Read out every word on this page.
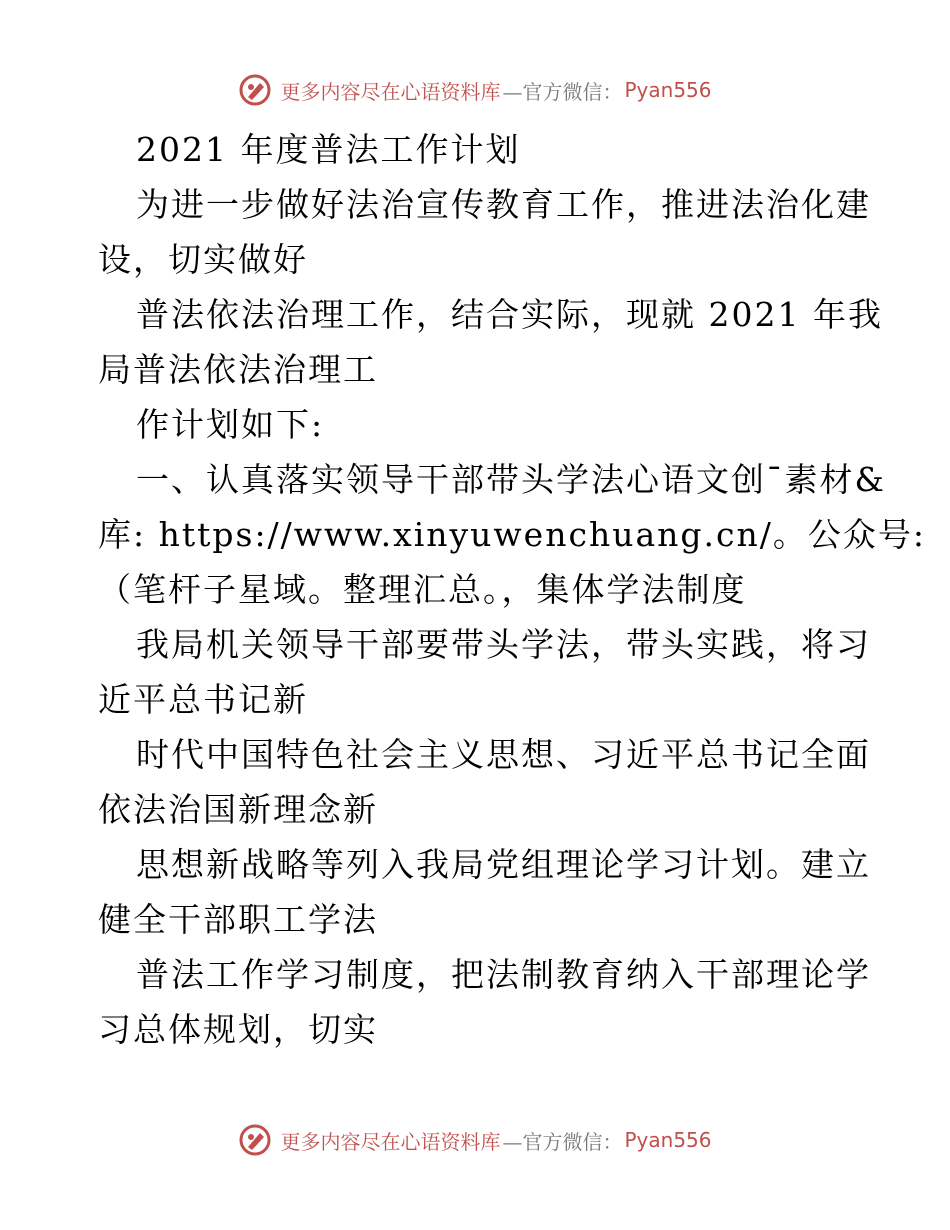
更多内容尽在心语资料库 —官方微信： Pyan556
2021 年度普法工作计划
为进一步做好法治宣传教育工作，推进法治化建
设，切实做好
普法依法治理工作，结合实际，现就 2021 年我
局普法依法治理工
作计划如下:
一、认真落实领导干部带头学法心语文创¯素材&
库: https://www.xinyuwenchuang.cn/。公众号:
（笔杆子星域。整理汇总。，集体学法制度
我局机关领导干部要带头学法，带头实践，将习
近平总书记新
时代中国特色社会主义思想、习近平总书记全面
依法治国新理念新
思想新战略等列入我局党组理论学习计划。建立
健全干部职工学法
普法工作学习制度，把法制教育纳入干部理论学
习总体规划，切实
更多内容尽在心语资料库 —官方微信： Pyan556
